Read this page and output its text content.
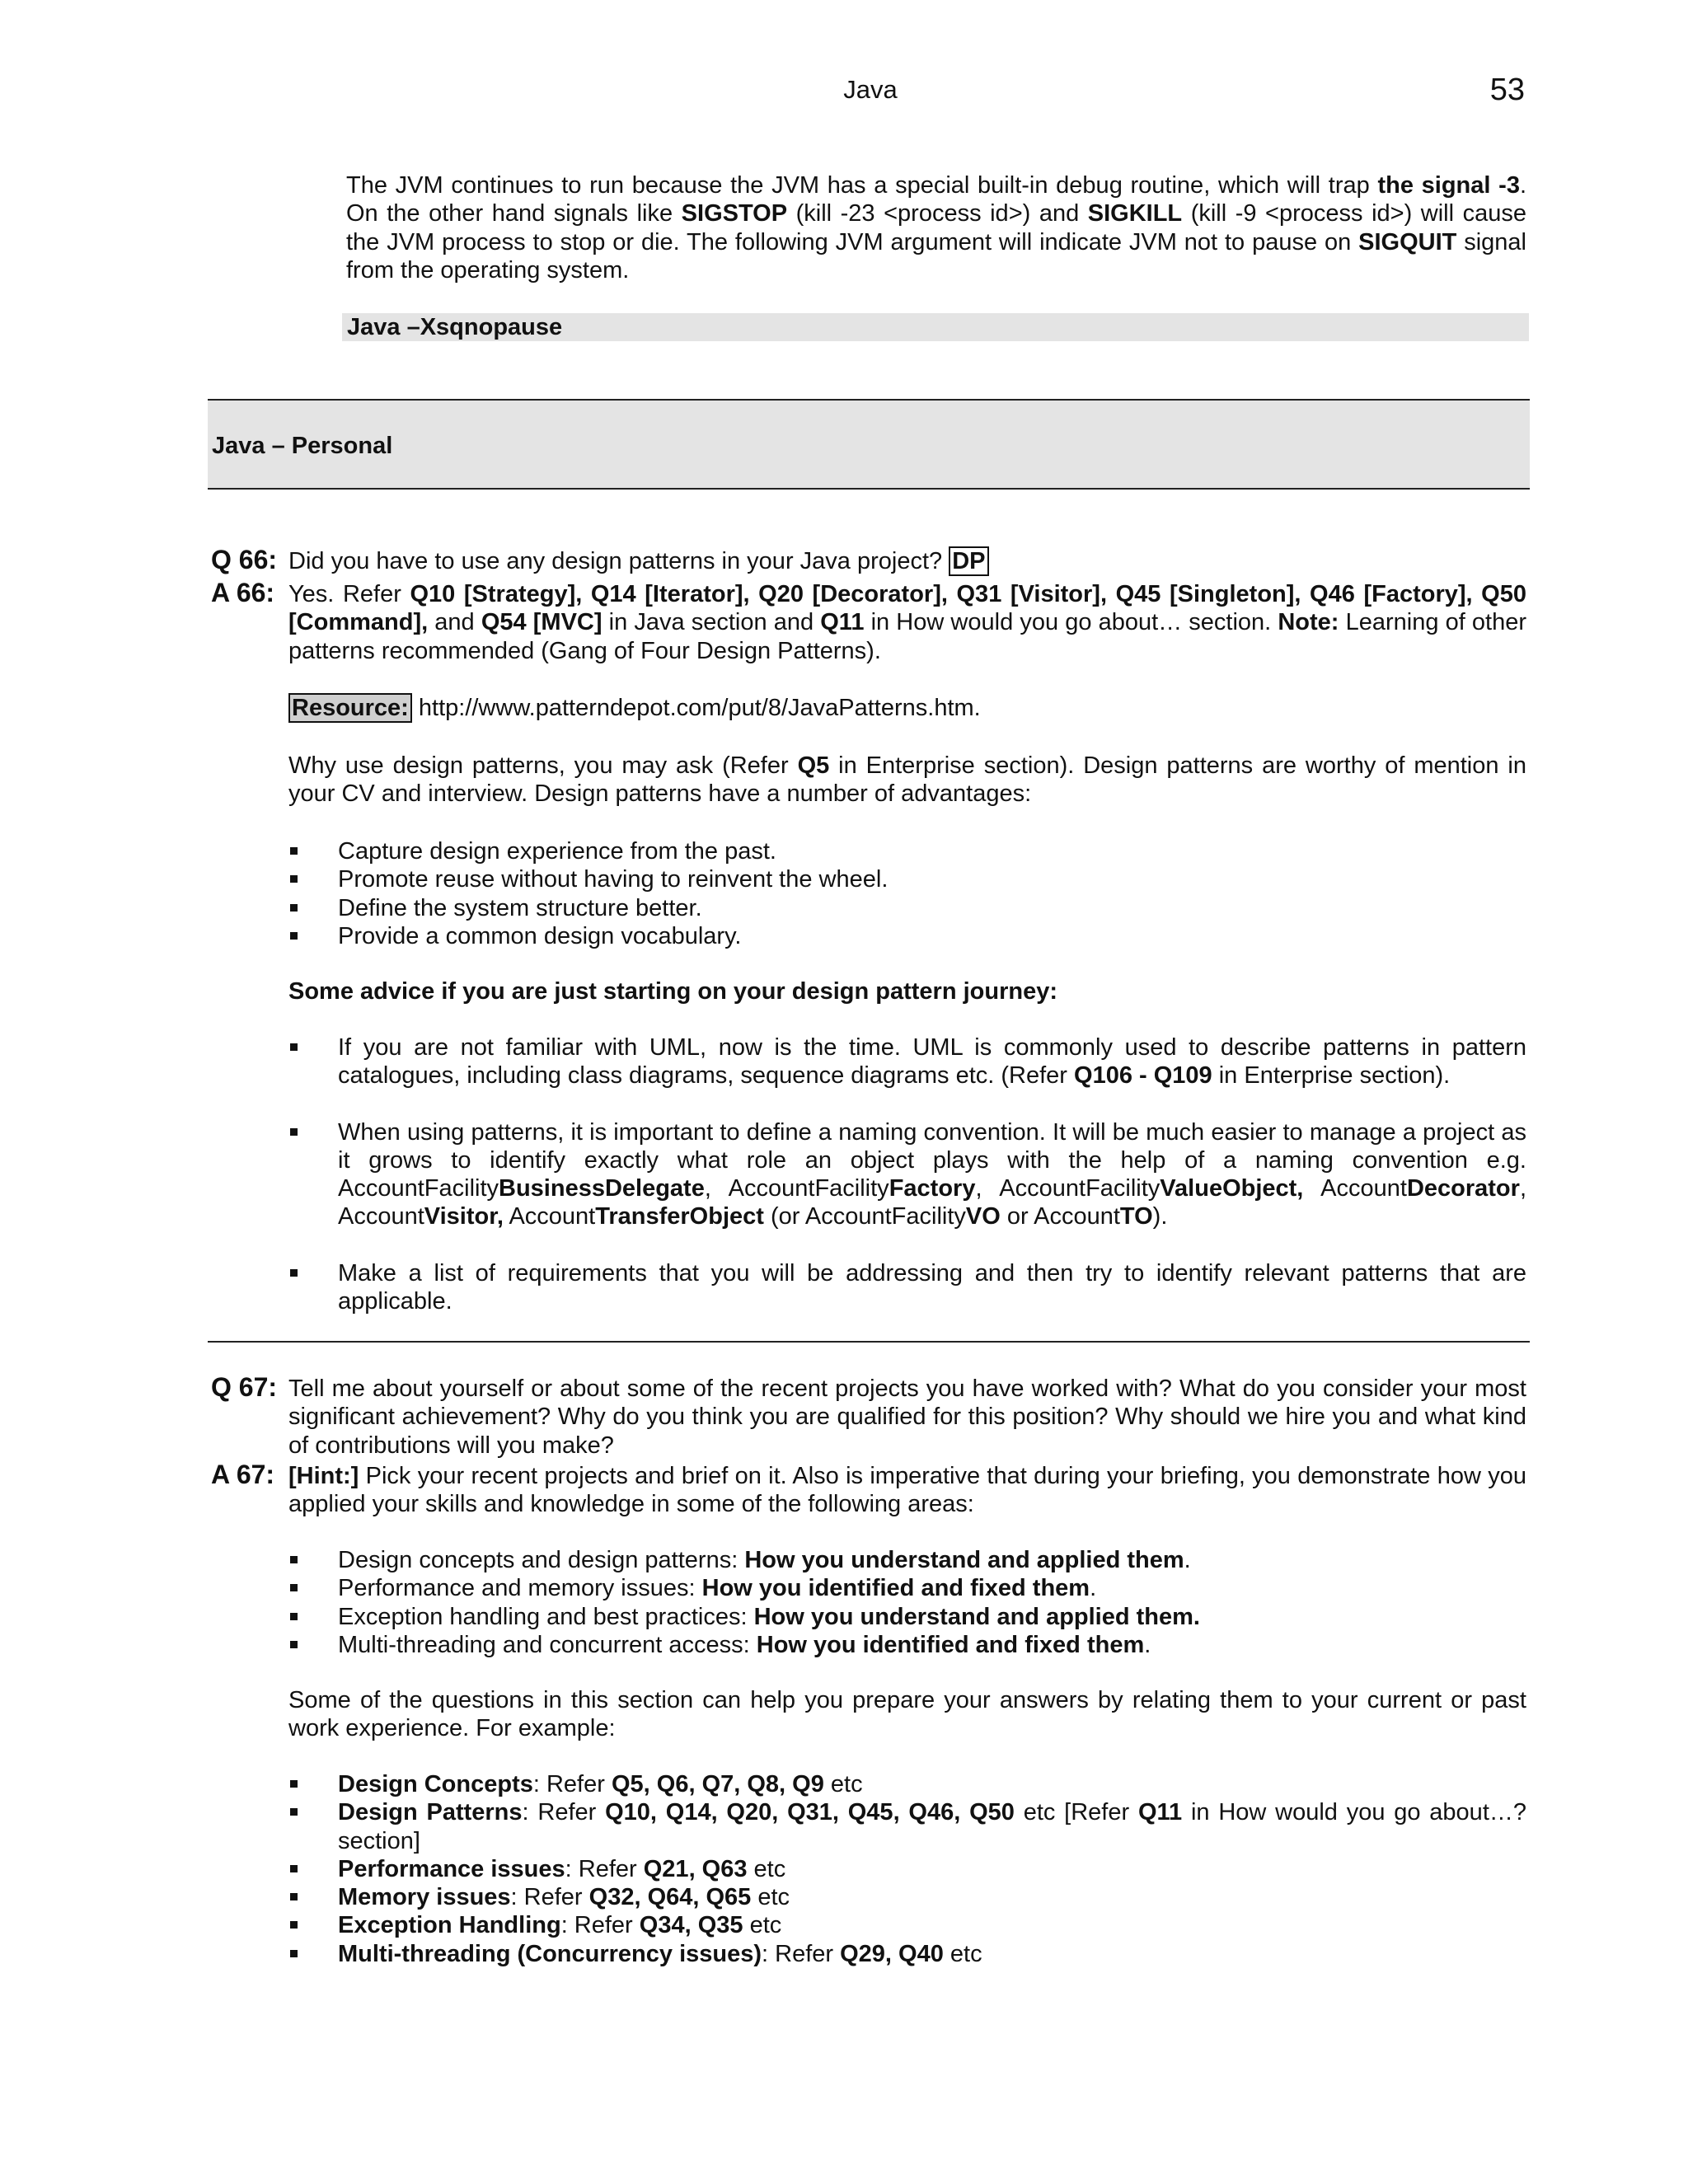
Java	53
The JVM continues to run because the JVM has a special built-in debug routine, which will trap the signal -3. On the other hand signals like SIGSTOP (kill -23 <process id>) and SIGKILL (kill -9 <process id>) will cause the JVM process to stop or die. The following JVM argument will indicate JVM not to pause on SIGQUIT signal from the operating system.
Java –Xsqnopause
Java – Personal
Q 66: Did you have to use any design patterns in your Java project? DP
A 66: Yes. Refer Q10 [Strategy], Q14 [Iterator], Q20 [Decorator], Q31 [Visitor], Q45 [Singleton], Q46 [Factory], Q50 [Command], and Q54 [MVC] in Java section and Q11 in How would you go about… section. Note: Learning of other patterns recommended (Gang of Four Design Patterns).
Resource: http://www.patterndepot.com/put/8/JavaPatterns.htm.
Why use design patterns, you may ask (Refer Q5 in Enterprise section). Design patterns are worthy of mention in your CV and interview. Design patterns have a number of advantages:
Capture design experience from the past.
Promote reuse without having to reinvent the wheel.
Define the system structure better.
Provide a common design vocabulary.
Some advice if you are just starting on your design pattern journey:
If you are not familiar with UML, now is the time. UML is commonly used to describe patterns in pattern catalogues, including class diagrams, sequence diagrams etc. (Refer Q106 - Q109 in Enterprise section).
When using patterns, it is important to define a naming convention. It will be much easier to manage a project as it grows to identify exactly what role an object plays with the help of a naming convention e.g. AccountFacilityBusinessDelegate, AccountFacilityFactory, AccountFacilityValueObject, AccountDecorator, AccountVisitor, AccountTransferObject (or AccountFacilityVO or AccountTO).
Make a list of requirements that you will be addressing and then try to identify relevant patterns that are applicable.
Q 67: Tell me about yourself or about some of the recent projects you have worked with? What do you consider your most significant achievement? Why do you think you are qualified for this position? Why should we hire you and what kind of contributions will you make?
A 67: [Hint:] Pick your recent projects and brief on it. Also is imperative that during your briefing, you demonstrate how you applied your skills and knowledge in some of the following areas:
Design concepts and design patterns: How you understand and applied them.
Performance and memory issues: How you identified and fixed them.
Exception handling and best practices: How you understand and applied them.
Multi-threading and concurrent access: How you identified and fixed them.
Some of the questions in this section can help you prepare your answers by relating them to your current or past work experience. For example:
Design Concepts: Refer Q5, Q6, Q7, Q8, Q9 etc
Design Patterns: Refer Q10, Q14, Q20, Q31, Q45, Q46, Q50 etc [Refer Q11 in How would you go about…? section]
Performance issues: Refer Q21, Q63 etc
Memory issues: Refer Q32, Q64, Q65 etc
Exception Handling: Refer Q34, Q35 etc
Multi-threading (Concurrency issues): Refer Q29, Q40 etc
